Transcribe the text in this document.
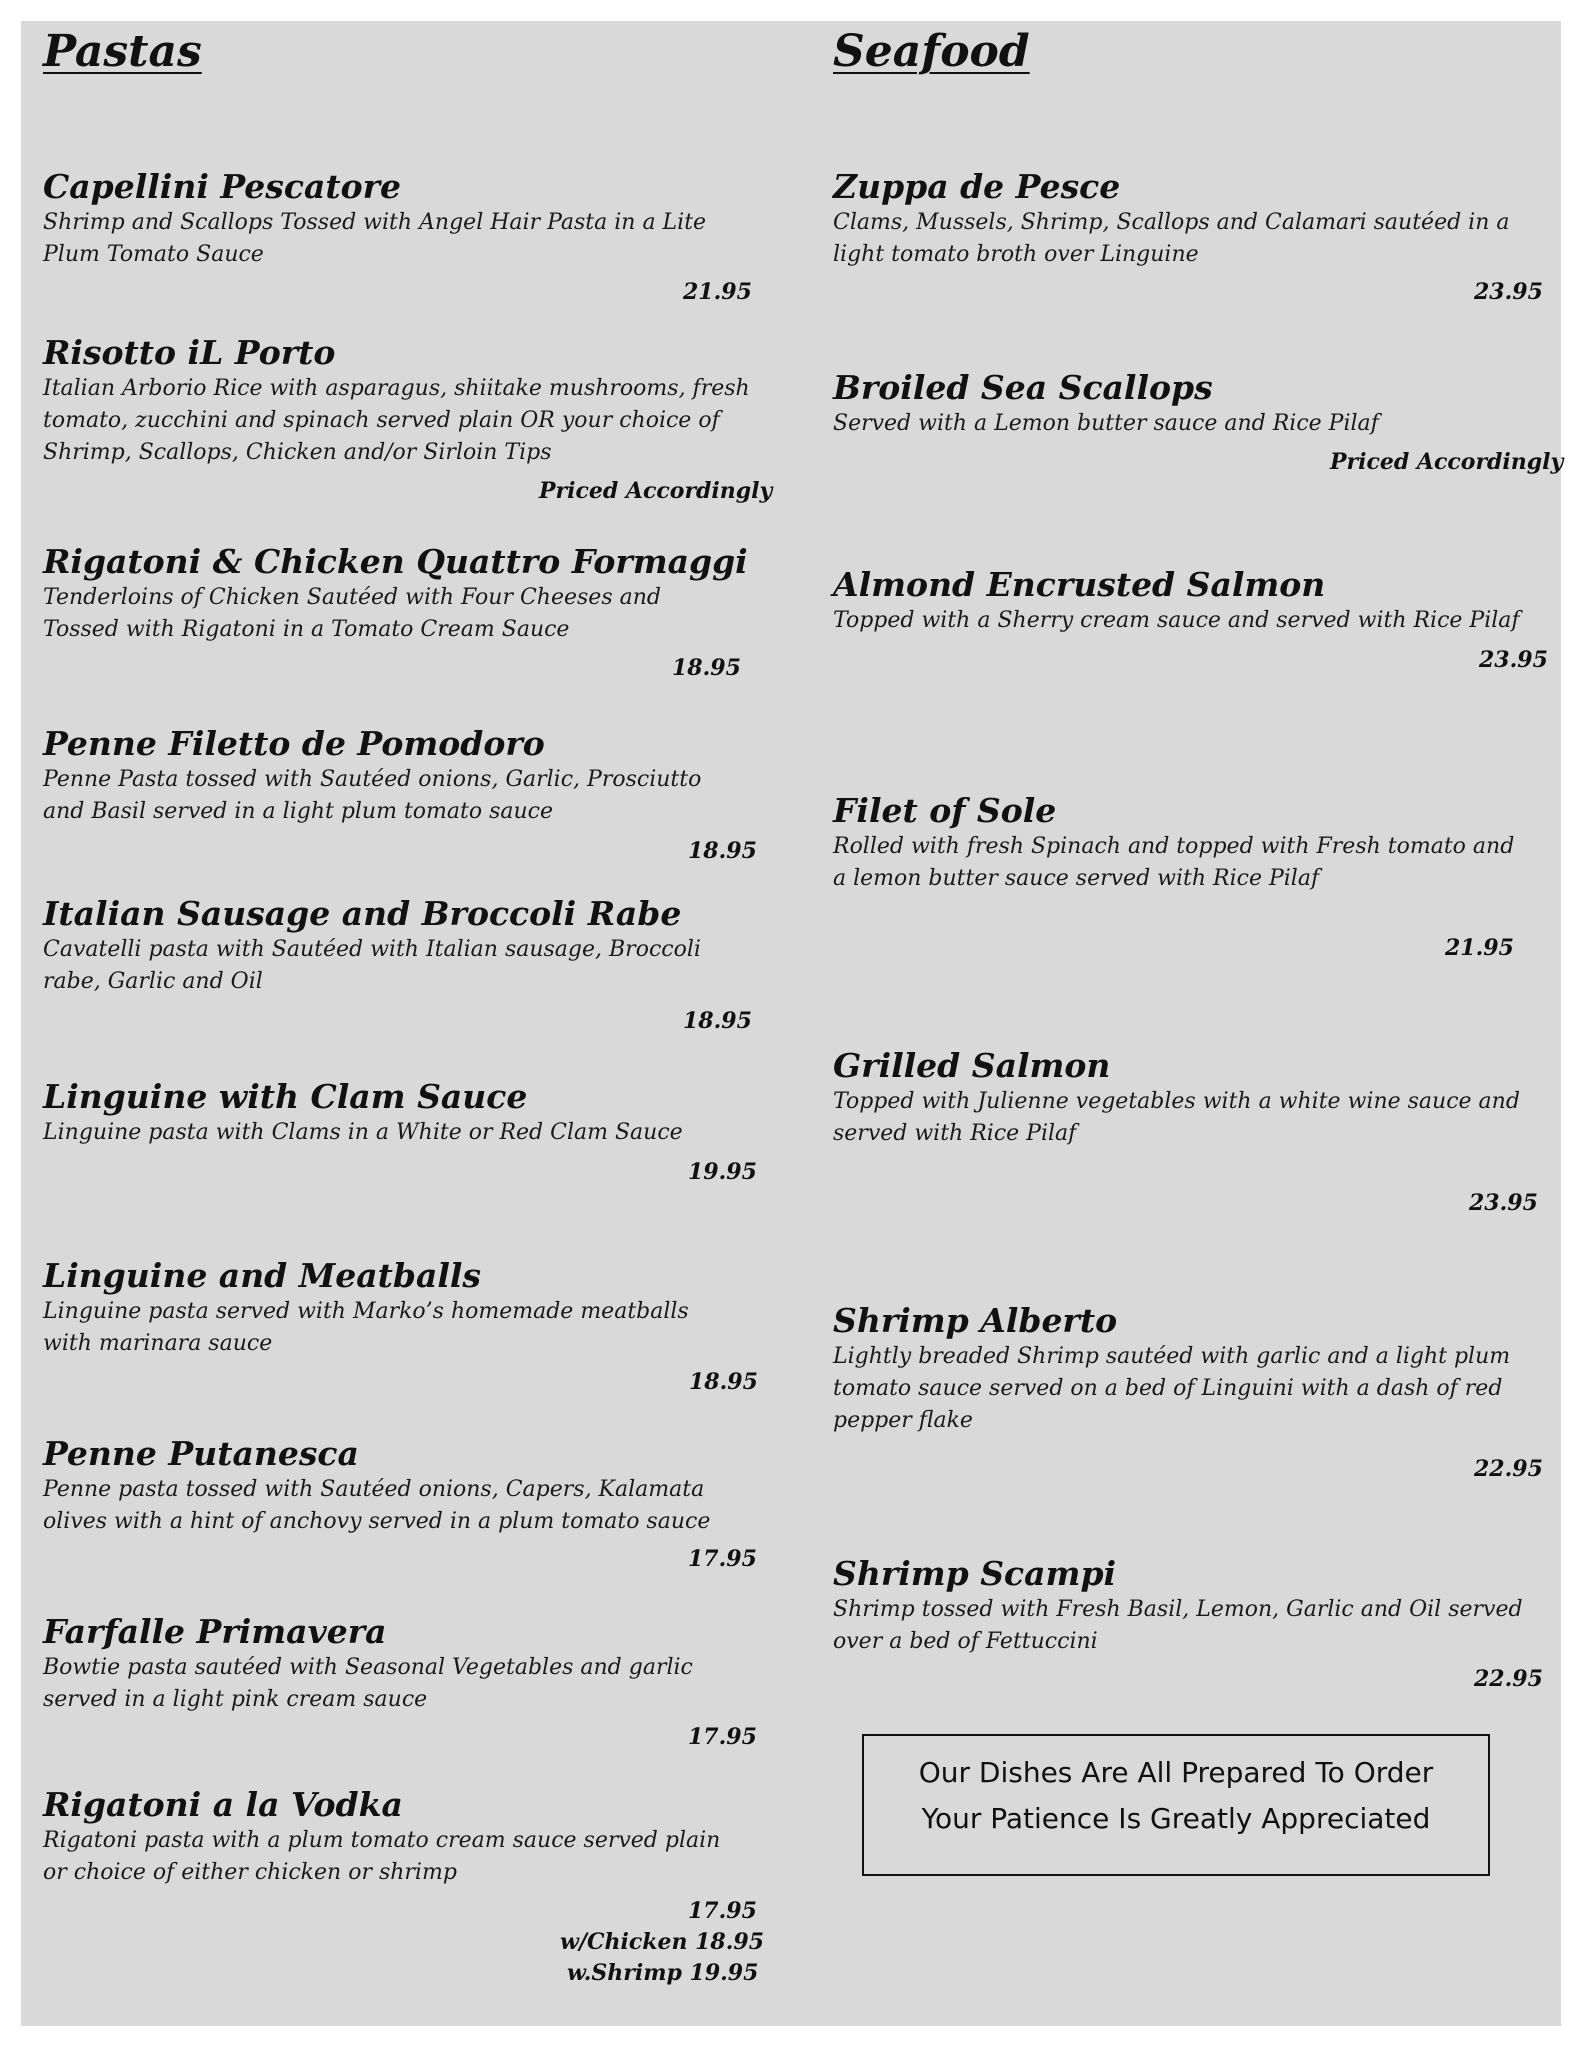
Pastas
Capellini Pescatore
Shrimp and Scallops Tossed with Angel Hair Pasta in a Lite Plum Tomato Sauce
21.95
Risotto iL Porto
Italian Arborio Rice with asparagus, shiitake mushrooms, fresh tomato, zucchini and spinach served plain OR your choice of Shrimp, Scallops, Chicken and/or Sirloin Tips
Priced Accordingly
Rigatoni & Chicken Quattro Formaggi
Tenderloins of Chicken Sautéed with Four Cheeses and Tossed with Rigatoni in a Tomato Cream Sauce
18.95
Penne Filetto de Pomodoro
Penne Pasta tossed with Sautéed onions, Garlic, Prosciutto and Basil served in a light plum tomato sauce
18.95
Italian Sausage and Broccoli Rabe
Cavatelli pasta with Sautéed with Italian sausage, Broccoli rabe, Garlic and Oil
18.95
Linguine with Clam Sauce
Linguine pasta with Clams in a White or Red Clam Sauce
19.95
Linguine and Meatballs
Linguine pasta served with Marko’s homemade meatballs with marinara sauce
18.95
Penne Putanesca
Penne pasta tossed with Sautéed onions, Capers, Kalamata olives with a hint of anchovy served in a plum tomato sauce
17.95
Farfalle Primavera
Bowtie pasta sautéed with Seasonal Vegetables and garlic served in a light pink cream sauce
17.95
Rigatoni a la Vodka
Rigatoni pasta with a plum tomato cream sauce served plain or choice of either chicken or shrimp
17.95
w/Chicken 18.95
w.Shrimp 19.95
Seafood
Zuppa de Pesce
Clams, Mussels, Shrimp, Scallops and Calamari sautéed in a light tomato broth over Linguine
23.95
Broiled Sea Scallops
Served with a Lemon butter sauce and Rice Pilaf
Priced Accordingly
Almond Encrusted Salmon
Topped with a Sherry cream sauce and served with Rice Pilaf
23.95
Filet of Sole
Rolled with fresh Spinach and topped with Fresh tomato and a lemon butter sauce served with Rice Pilaf
21.95
Grilled Salmon
Topped with Julienne vegetables with a white wine sauce and served with Rice Pilaf
23.95
Shrimp Alberto
Lightly breaded Shrimp sautéed with garlic and a light plum tomato sauce served on a bed of Linguini with a dash of red pepper flake
22.95
Shrimp Scampi
Shrimp tossed with Fresh Basil, Lemon, Garlic and Oil served over a bed of Fettuccini
22.95
Our Dishes Are All Prepared To Order
Your Patience Is Greatly Appreciated
